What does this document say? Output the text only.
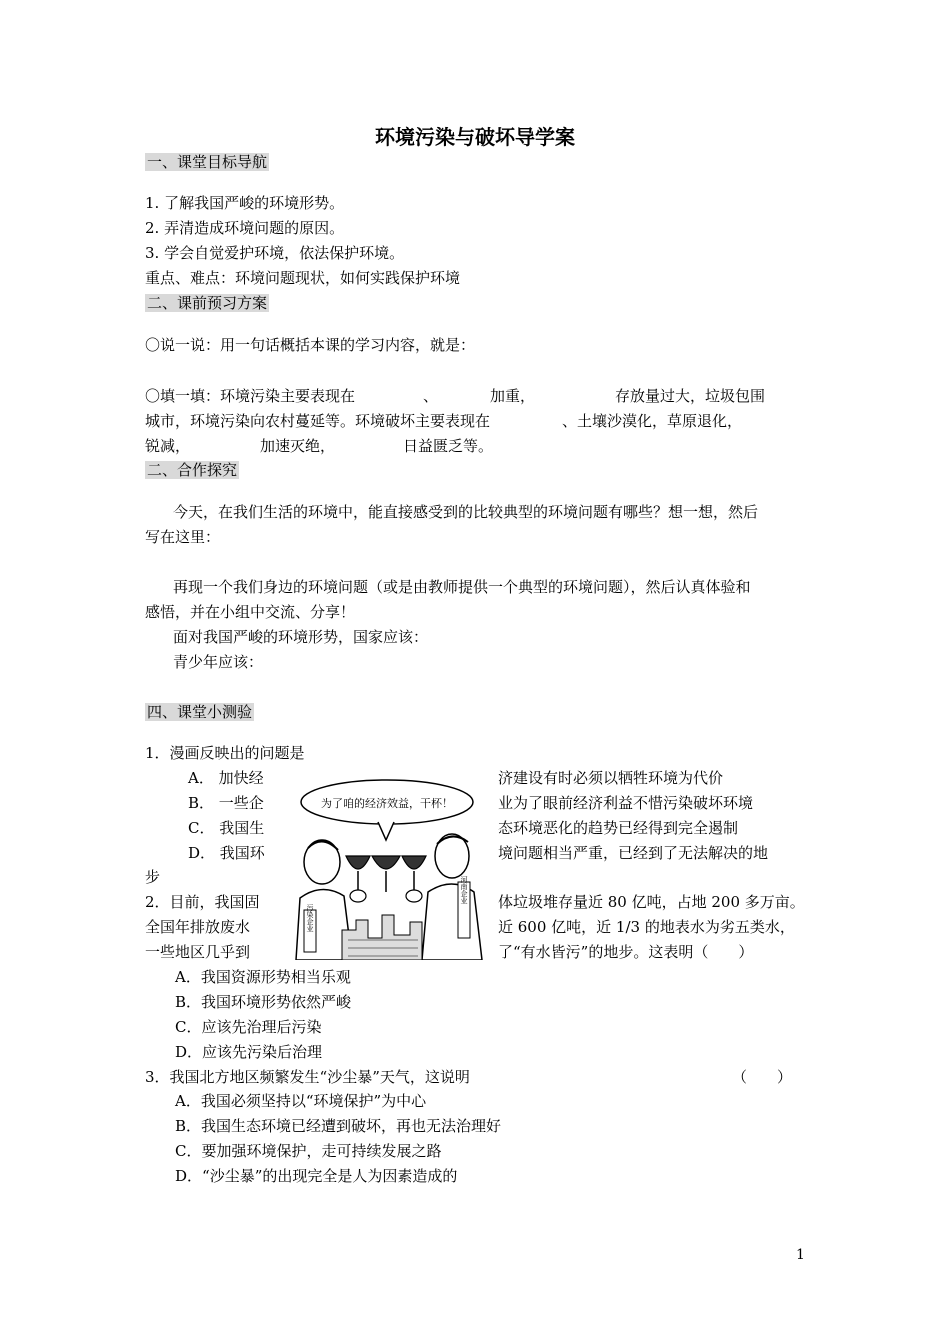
环境污染与破坏导学案
一、课堂目标导航
1. 了解我国严峻的环境形势。
2. 弄清造成环境问题的原因。
3. 学会自觉爱护环境，依法保护环境。
重点、难点：环境问题现状，如何实践保护环境
二、课前预习方案
〇说一说：用一句话概括本课的学习内容，就是：
〇填一填：环境污染主要表现在	、	加重，	存放量过大，垃圾包围
城市，环境污染向农村蔓延等。环境破坏主要表现在	、土壤沙漠化，草原退化，
锐减，	加速灭绝，	日益匮乏等。
二、合作探究
今天，在我们生活的环境中，能直接感受到的比较典型的环境问题有哪些？想一想，然后
写在这里：
再现一个我们身边的环境问题（或是由教师提供一个典型的环境问题），然后认真体验和
感悟，并在小组中交流、分享！
面对我国严峻的环境形势，国家应该：
青少年应该：
四、课堂小测验
1．漫画反映出的问题是
A． 加快经	济建设有时必须以牺牲环境为代价
B． 一些企	业为了眼前经济利益不惜污染破坏环境
C． 我国生	态环境恶化的趋势已经得到完全遏制
D． 我国环	境问题相当严重，已经到了无法解决的地
步
2．目前，我国固	体垃圾堆存量近 80 亿吨，占地 200 多万亩。
全国年排放废水	近 600 亿吨，近 1/3 的地表水为劣五类水，
一些地区几乎到	了“有水皆污”的地步。这表明（　　）
A．我国资源形势相当乐观
B．我国环境形势依然严峻
C．应该先治理后污染
D．应该先污染后治理
3．我国北方地区频繁发生“沙尘暴”天气，这说明	（　　）
A．我国必须坚持以“环境保护”为中心
B．我国生态环境已经遭到破坏，再也无法治理好
C．要加强环境保护，走可持续发展之路
D．“沙尘暴”的出现完全是人为因素造成的
为了咱的经济效益，干杯！
污染企业
河南企业
1
